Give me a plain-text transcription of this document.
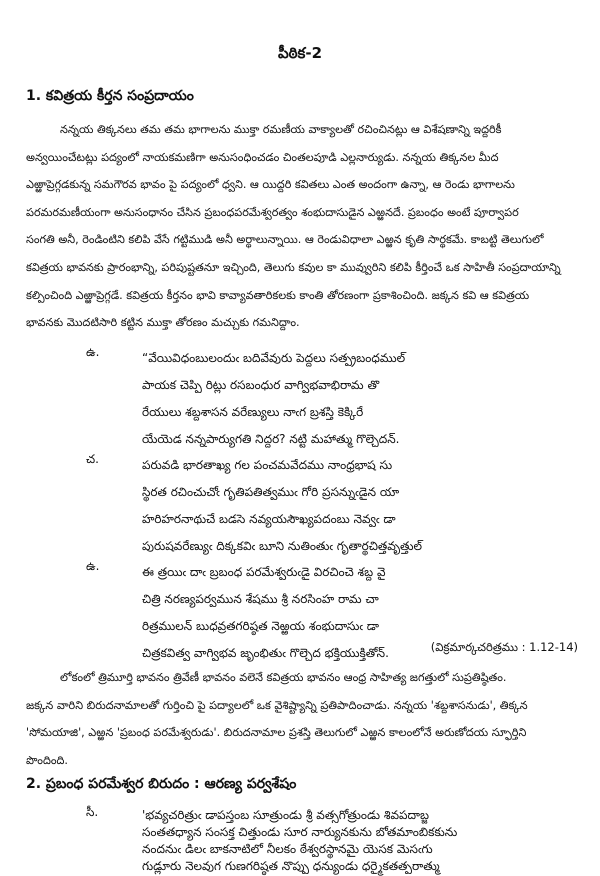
పీఠిక-2
1. కవిత్రయ కీర్తన సంప్రదాయం
నన్నయ తిక్కనలు తమ తమ భాగాలను ముక్తా రమణీయ వాక్యాలతో రచించినట్లు ఆ విశేషణాన్ని ఇద్దరికీ
అన్వయించేటట్లు పద్యంలో నాయకమణిగా అనుసంధించడం చింతలపూడి ఎల్లనార్యుడు. నన్నయ తిక్కనల మీద
ఎఱ్ఱాప్రెగ్గడకున్న సమగౌరవ భావం పై పద్యంలో ధ్వని. ఆ యిద్దరి కవితలు ఎంత అందంగా ఉన్నా, ఆ రెండు భాగాలను
పరమరమణీయంగా అనుసంధానం చేసిన ప్రబంధపరమేశ్వరత్వం శంభుదాసుడైన ఎఱ్ఱనదే. ప్రబంధం అంటే పూర్వాపర
సంగతి అనీ, రెండింటిని కలిపి వేసే గట్టిముడి అనీ అర్థాలున్నాయి. ఆ రెండువిధాలా ఎఱ్ఱన కృతి సార్థకమే. కాబట్టి తెలుగులో
కవిత్రయ భావనకు ప్రారంభాన్ని, పరిపుష్టతనూ ఇచ్చింది, తెలుగు కవుల కా మువ్వురిని కలిపి కీర్తించే ఒక సాహితీ సంప్రదాయాన్ని
కల్పించింది ఎఱ్ఱాప్రెగ్గడే. కవిత్రయ కీర్తనం భావి కావ్యావతారికలకు కాంతి తోరణంగా ప్రకాశించింది. జక్కన కవి ఆ కవిత్రయ
భావనకు మొదటిసారి కట్టిన ముక్తా తోరణం మచ్చుకు గమనిద్దాం.
ఉ.	“వేయివిధంబులందుఁ బదివేవురు పెద్దలు సత్ప్రబంధముల్
పాయక చెప్పి రిట్లు రసబంధుర వాగ్విభవాభిరామ తొ
రేయులు శబ్దశాసన వరేణ్యులు నాఁగ బ్రశస్తి కెక్కిరే
యేయెడ నన్నపార్యుగతి నిద్దర? నట్టి మహాత్ము గొల్చెదన్.
చ.	పరువడి భారతాఖ్య గల పంచమవేదము నాంధ్రభాష సు
స్థిరత రచించుచోఁ గృతిపతిత్వముఁ గోరి ప్రసన్నుఁడైన యా
హరిహరనాథుచే బడసె నవ్యయసౌఖ్యపదంబు నెవ్వఁ డా
పురుషవరేణ్యుఁ దిక్కకవిఁ బూని నుతింతుఁ గృతార్థచిత్తవృత్తుల్
ఉ.	ఈ త్రయిఁ దాఁ బ్రబంధ పరమేశ్వరుఁడై విరచించె శబ్ద వై
చిత్రి నరణ్యపర్వమున శేషము శ్రీ నరసింహ రామ చా
రిత్రములన్ బుధవ్రతగరిష్ఠత నెఱ్ఱయ శంభుదాసుఁ డా
చిత్రకవిత్వ వాగ్విభవ జృంభితుఁ గొల్చెద భక్తియుక్తితోన్.	(విక్రమార్కచరిత్రము : 1.12-14)
లోకంలో త్రిమూర్తి భావనం త్రివేణీ భావనం వలెనే కవిత్రయ భావనం ఆంధ్ర సాహిత్య జగత్తులో సుప్రతిష్ఠితం.
జక్కన వారిని బిరుదనామాలతో గుర్తించి పై పద్యాలలో ఒక వైశిష్ట్యాన్ని ప్రతిపాదించాడు. నన్నయ 'శబ్దశాసనుడు', తిక్కన
'సోమయాజి', ఎఱ్ఱన 'ప్రబంధ పరమేశ్వరుడు'. బిరుదనామాల ప్రశస్తి తెలుగులో ఎఱ్ఱన కాలంలోనే అరుణోదయ స్ఫూర్తిని
పొందింది.
2. ప్రబంధ పరమేశ్వర బిరుదం : ఆరణ్య పర్వశేషం
సీ.	'భవ్యచరిత్రుఁ డాపస్తంబ సూత్రుండు శ్రీ వత్సగోత్రుండు శివపదాబ్జ
సంతతధ్యాన సంసక్త చిత్తుండు సూర నార్యునకును బోతమాంబికకును
నందనుఁ డిలఁ బాకనాటిలో నీలకం ఠేశ్వరస్థానమై యెసక మెసఁగు
గుడ్లూరు నెలవుగ గుణగరిష్ఠత నొప్పు ధన్యుండు ధర్మైకతత్పరాత్ము
